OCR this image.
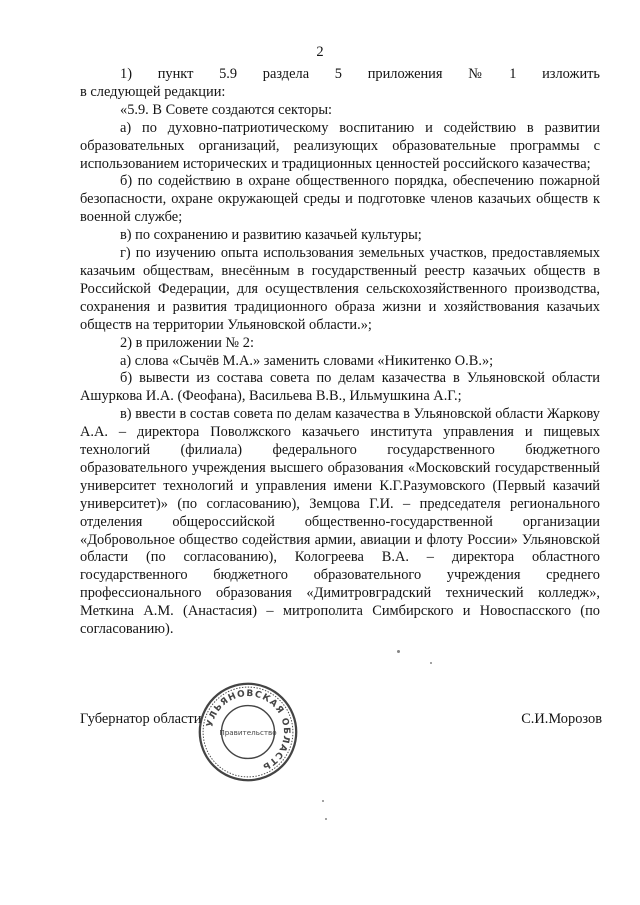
2

1)     пункт     5.9     раздела     5     приложения     №     1     изложить

в следующей редакции:

«5.9. В Совете создаются секторы:

а) по духовно-патриотическому воспитанию и содействию в развитии образовательных организаций, реализующих образовательные программы с использованием исторических и традиционных ценностей российского казачества;

б) по содействию в охране общественного порядка, обеспечению пожарной безопасности, охране окружающей среды и подготовке членов казачьих обществ к военной службе;

в) по сохранению и развитию казачьей культуры;

г) по изучению опыта использования земельных участков, предоставляемых казачьим обществам, внесённым в государственный реестр казачьих обществ в Российской Федерации, для осуществления сельскохозяйственного производства, сохранения и развития традиционного образа жизни и хозяйствования казачьих обществ на территории Ульяновской области.»;

2) в приложении № 2:

а) слова «Сычёв М.А.» заменить словами «Никитенко О.В.»;

б) вывести из состава совета по делам казачества в Ульяновской области Ашуркова И.А. (Феофана), Васильева В.В., Ильмушкина А.Г.;

в) ввести в состав совета по делам казачества в Ульяновской области Жаркову А.А. – директора Поволжского казачьего института управления и пищевых технологий (филиала) федерального государственного бюджетного образовательного учреждения высшего образования «Московский государственный университет технологий и управления имени К.Г.Разумовского (Первый казачий университет)» (по согласованию), Земцова Г.И. – председателя регионального отделения общероссийской общественно-государственной организации «Добровольное общество содействия армии, авиации и флоту России» Ульяновской области (по согласованию), Кологреева В.А. – директора областного государственного бюджетного образовательного учреждения среднего профессионального образования «Димитровградский технический колледж», Меткина А.М. (Анастасия) – митрополита Симбирского и Новоспасского (по согласованию).

Губернатор области	С.И.Морозов
УЛЬЯНОВСКАЯ ОБЛАСТЬ
Правительство
